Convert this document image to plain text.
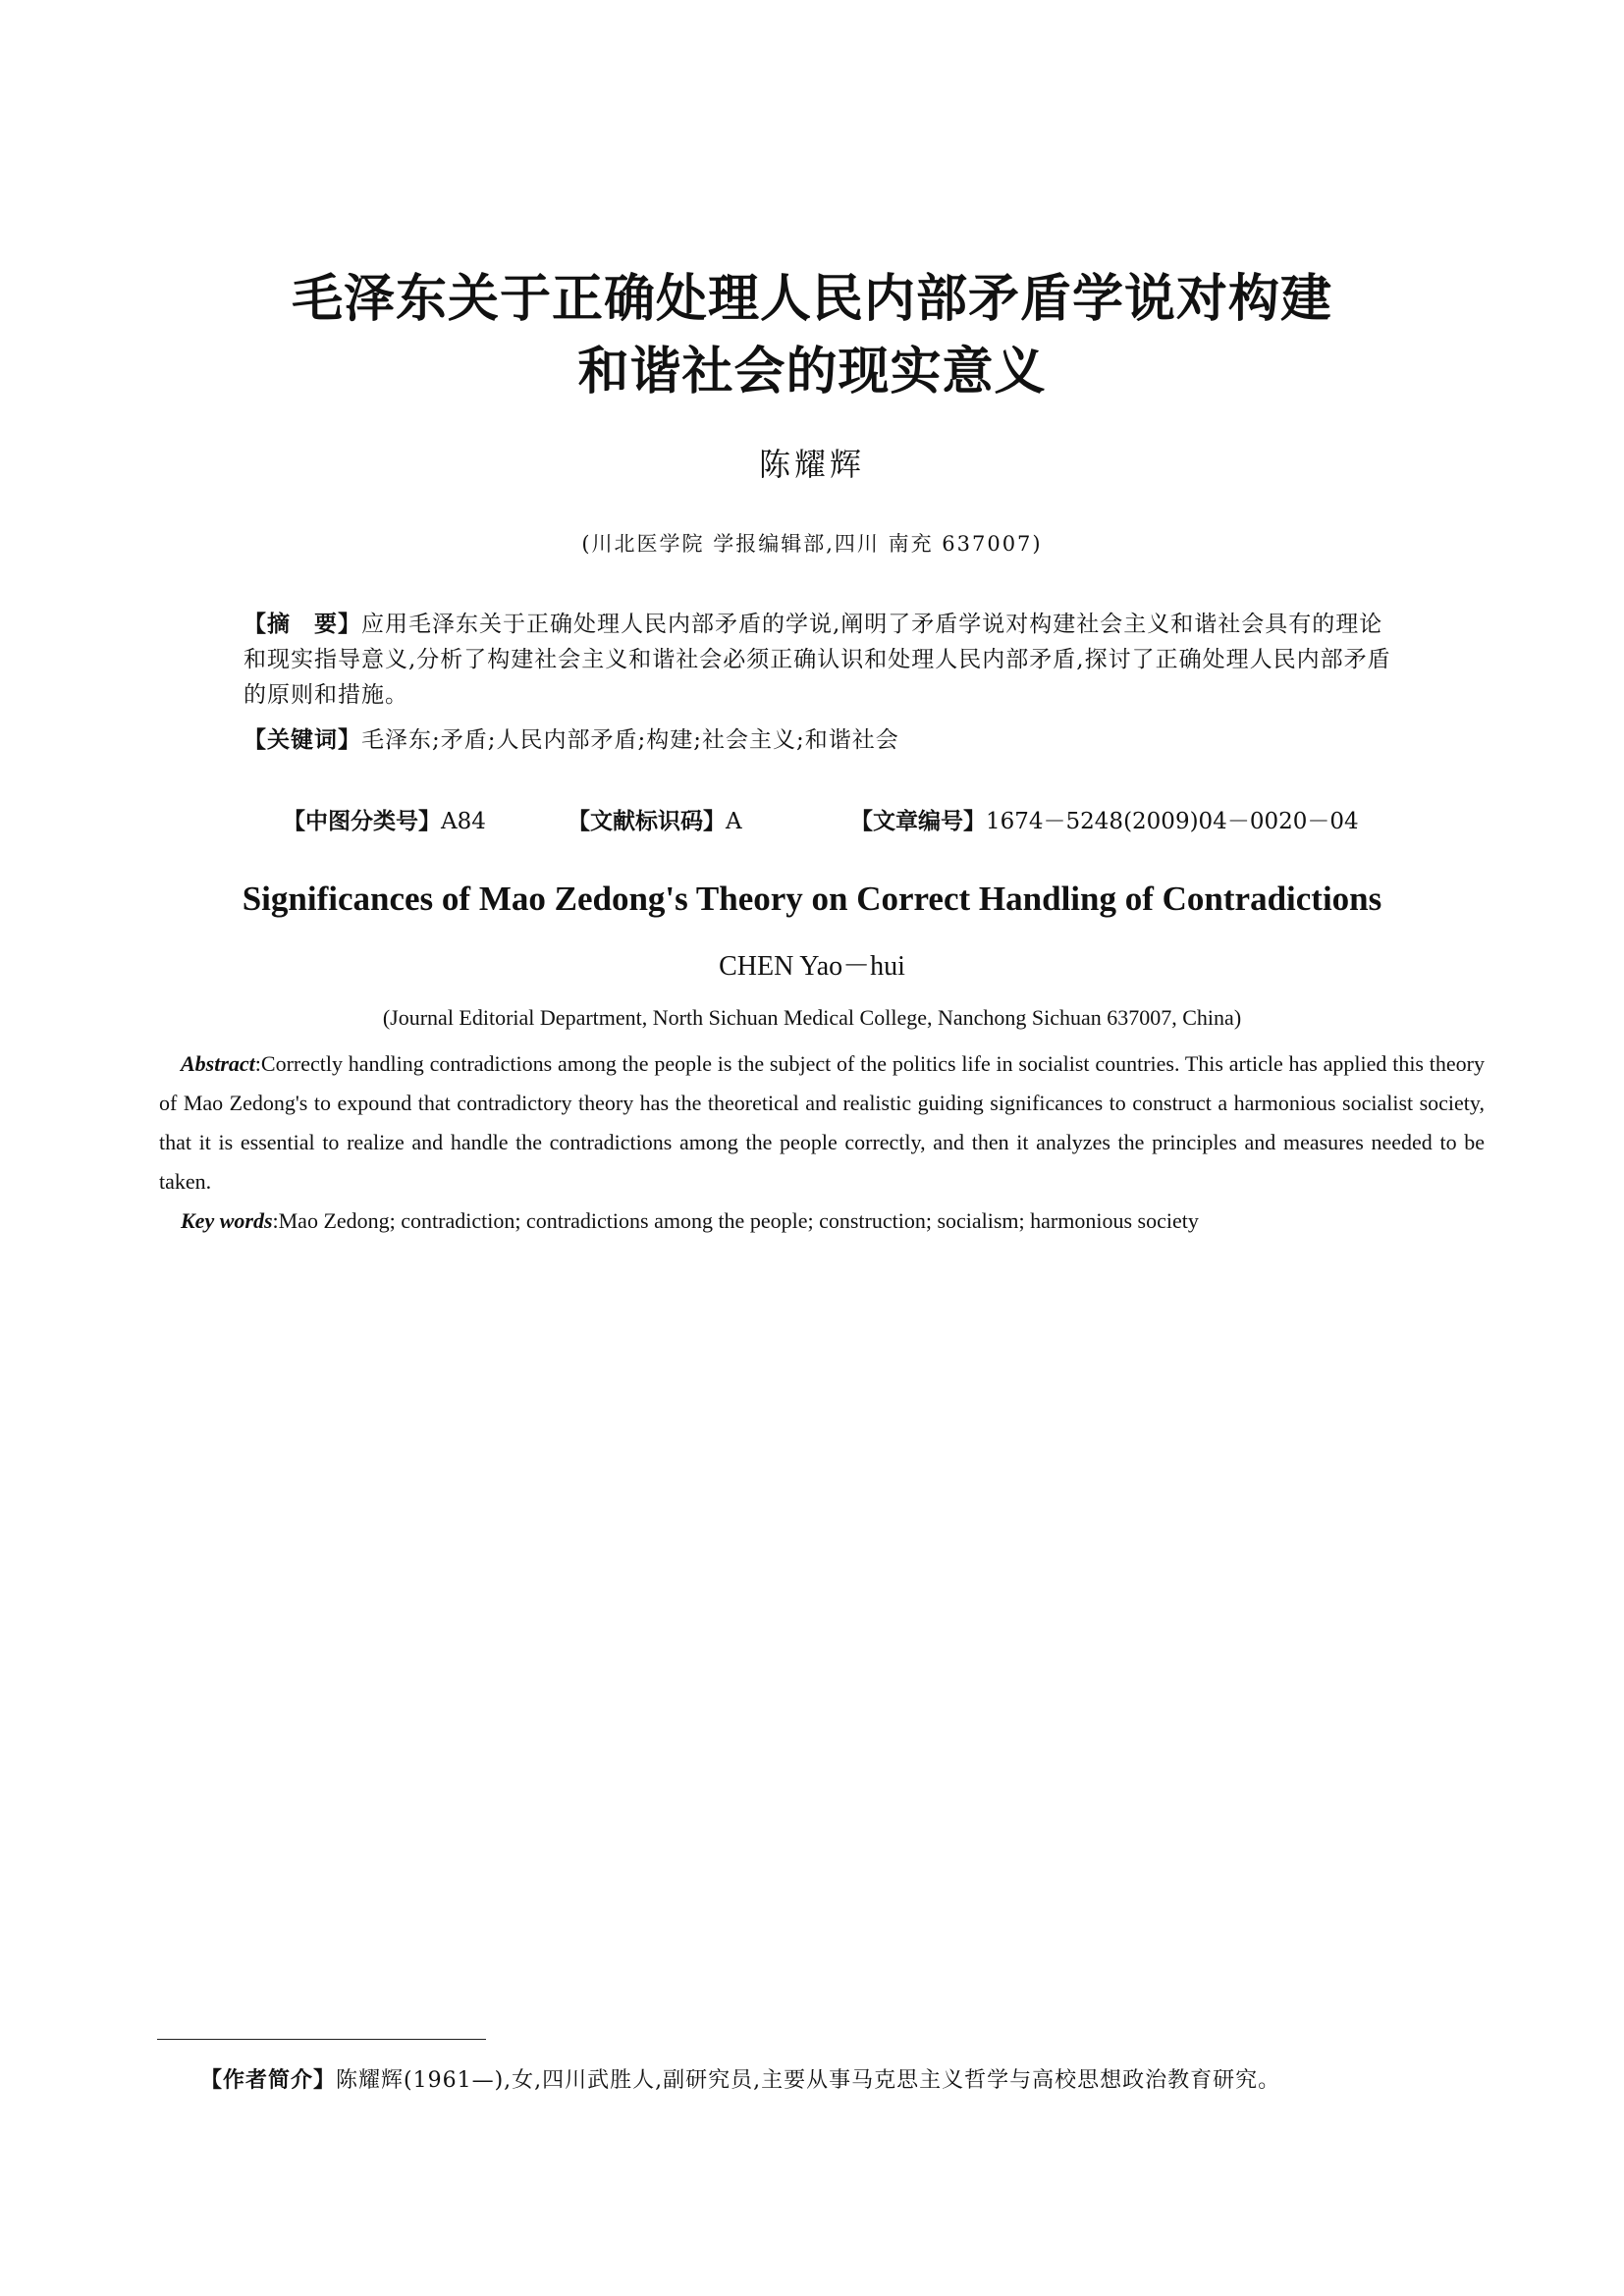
毛泽东关于正确处理人民内部矛盾学说对构建
和谐社会的现实意义
陈耀辉
(川北医学院 学报编辑部,四川 南充 637007)
【摘　要】应用毛泽东关于正确处理人民内部矛盾的学说,阐明了矛盾学说对构建社会主义和谐社会具有的理论和现实指导意义,分析了构建社会主义和谐社会必须正确认识和处理人民内部矛盾,探讨了正确处理人民内部矛盾的原则和措施。
【关键词】毛泽东;矛盾;人民内部矛盾;构建;社会主义;和谐社会
【中图分类号】A84	【文献标识码】A	【文章编号】1674－5248(2009)04－0020－04
Significances of Mao Zedong's Theory on Correct Handling of Contradictions
CHEN Yao－hui
(Journal Editorial Department, North Sichuan Medical College, Nanchong Sichuan 637007, China)
Abstract:Correctly handling contradictions among the people is the subject of the politics life in socialist countries. This article has applied this theory of Mao Zedong's to expound that contradictory theory has the theoretical and realistic guiding significances to construct a harmonious socialist society, that it is essential to realize and handle the contradictions among the people correctly, and then it analyzes the principles and measures needed to be taken.
Key words:Mao Zedong; contradiction; contradictions among the people; construction; socialism; harmonious society
【作者简介】陈耀辉(1961—),女,四川武胜人,副研究员,主要从事马克思主义哲学与高校思想政治教育研究。
